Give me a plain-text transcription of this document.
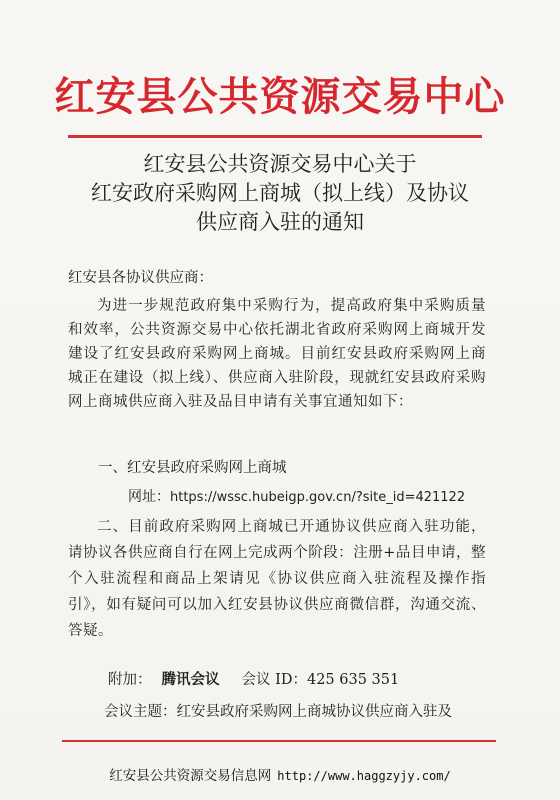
红安县公共资源交易中心
红安县公共资源交易中心关于
红安政府采购网上商城（拟上线）及协议
供应商入驻的通知
红安县各协议供应商：
为进一步规范政府集中采购行为，提高政府集中采购质量和效率，公共资源交易中心依托湖北省政府采购网上商城开发建设了红安县政府采购网上商城。目前红安县政府采购网上商城正在建设（拟上线）、供应商入驻阶段，现就红安县政府采购网上商城供应商入驻及品目申请有关事宜通知如下：
一、红安县政府采购网上商城
网址：https://wssc.hubeigp.gov.cn/?site_id=421122
二、目前政府采购网上商城已开通协议供应商入驻功能，请协议各供应商自行在网上完成两个阶段：注册+品目申请，整个入驻流程和商品上架请见《协议供应商入驻流程及操作指引》，如有疑问可以加入红安县协议供应商微信群，沟通交流、答疑。
附加： 腾讯会议 会议 ID：425 635 351
会议主题：红安县政府采购网上商城协议供应商入驻及
红安县公共资源交易信息网 http://www.haggzyjy.com/
